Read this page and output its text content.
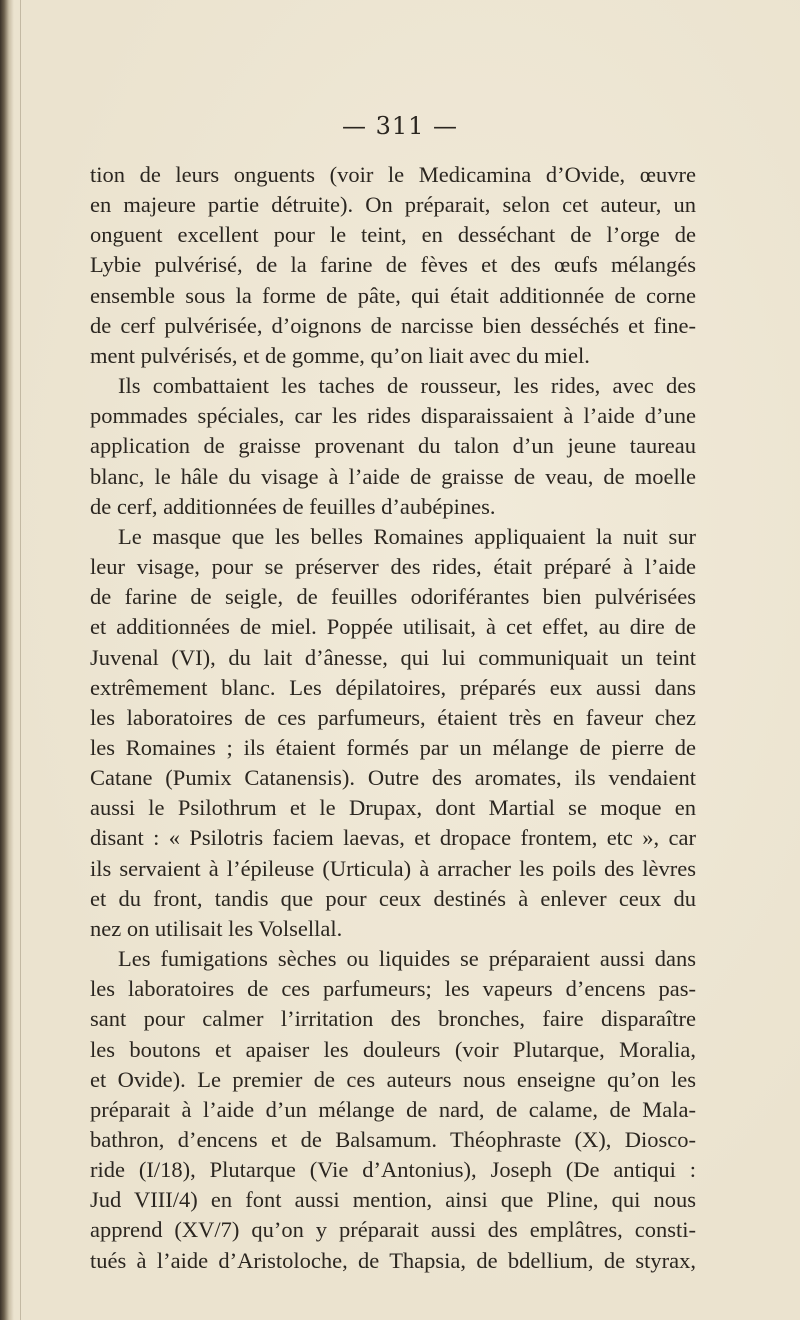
— 311 —
tion de leurs onguents (voir le Medicamina d’Ovide, œuvre
en majeure partie détruite). On préparait, selon cet auteur, un
onguent excellent pour le teint, en desséchant de l’orge de
Lybie pulvérisé, de la farine de fèves et des œufs mélangés
ensemble sous la forme de pâte, qui était additionnée de corne
de cerf pulvérisée, d’oignons de narcisse bien desséchés et fine-
ment pulvérisés, et de gomme, qu’on liait avec du miel.
Ils combattaient les taches de rousseur, les rides, avec des
pommades spéciales, car les rides disparaissaient à l’aide d’une
application de graisse provenant du talon d’un jeune taureau
blanc, le hâle du visage à l’aide de graisse de veau, de moelle
de cerf, additionnées de feuilles d’aubépines.
Le masque que les belles Romaines appliquaient la nuit sur
leur visage, pour se préserver des rides, était préparé à l’aide
de farine de seigle, de feuilles odoriférantes bien pulvérisées
et additionnées de miel. Poppée utilisait, à cet effet, au dire de
Juvenal (VI), du lait d’ânesse, qui lui communiquait un teint
extrêmement blanc. Les dépilatoires, préparés eux aussi dans
les laboratoires de ces parfumeurs, étaient très en faveur chez
les Romaines ; ils étaient formés par un mélange de pierre de
Catane (Pumix Catanensis). Outre des aromates, ils vendaient
aussi le Psilothrum et le Drupax, dont Martial se moque en
disant : « Psilotris faciem laevas, et dropace frontem, etc », car
ils servaient à l’épileuse (Urticula) à arracher les poils des lèvres
et du front, tandis que pour ceux destinés à enlever ceux du
nez on utilisait les Volsellal.
Les fumigations sèches ou liquides se préparaient aussi dans
les laboratoires de ces parfumeurs; les vapeurs d’encens pas-
sant pour calmer l’irritation des bronches, faire disparaître
les boutons et apaiser les douleurs (voir Plutarque, Moralia,
et Ovide). Le premier de ces auteurs nous enseigne qu’on les
préparait à l’aide d’un mélange de nard, de calame, de Mala-
bathron, d’encens et de Balsamum. Théophraste (X), Diosco-
ride (I/18), Plutarque (Vie d’Antonius), Joseph (De antiqui :
Jud VIII/4) en font aussi mention, ainsi que Pline, qui nous
apprend (XV/7) qu’on y préparait aussi des emplâtres, consti-
tués à l’aide d’Aristoloche, de Thapsia, de bdellium, de styrax,
